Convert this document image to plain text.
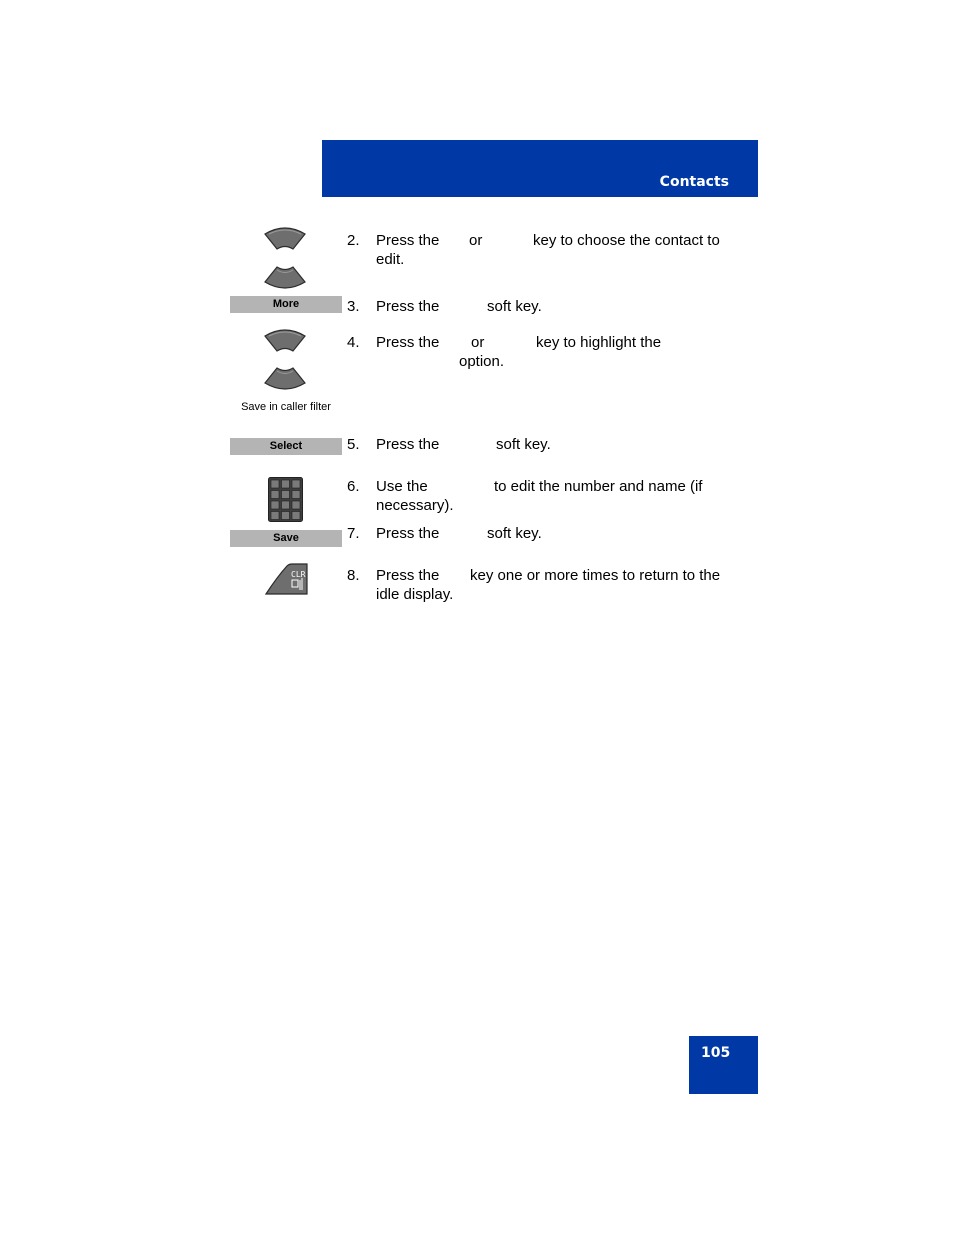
Contacts
2. Press the or	key to choose the contact to
edit.
More	3. Press the	soft key.
Save in caller filter
4. Press the or	key to highlight the
option.
Select	5. Press the	soft key.
6. Use the	to edit the number and name (if
necessary).
Save	7. Press the	soft key.
CLR	8. Press the key one or more times to return to the
idle display.
105
